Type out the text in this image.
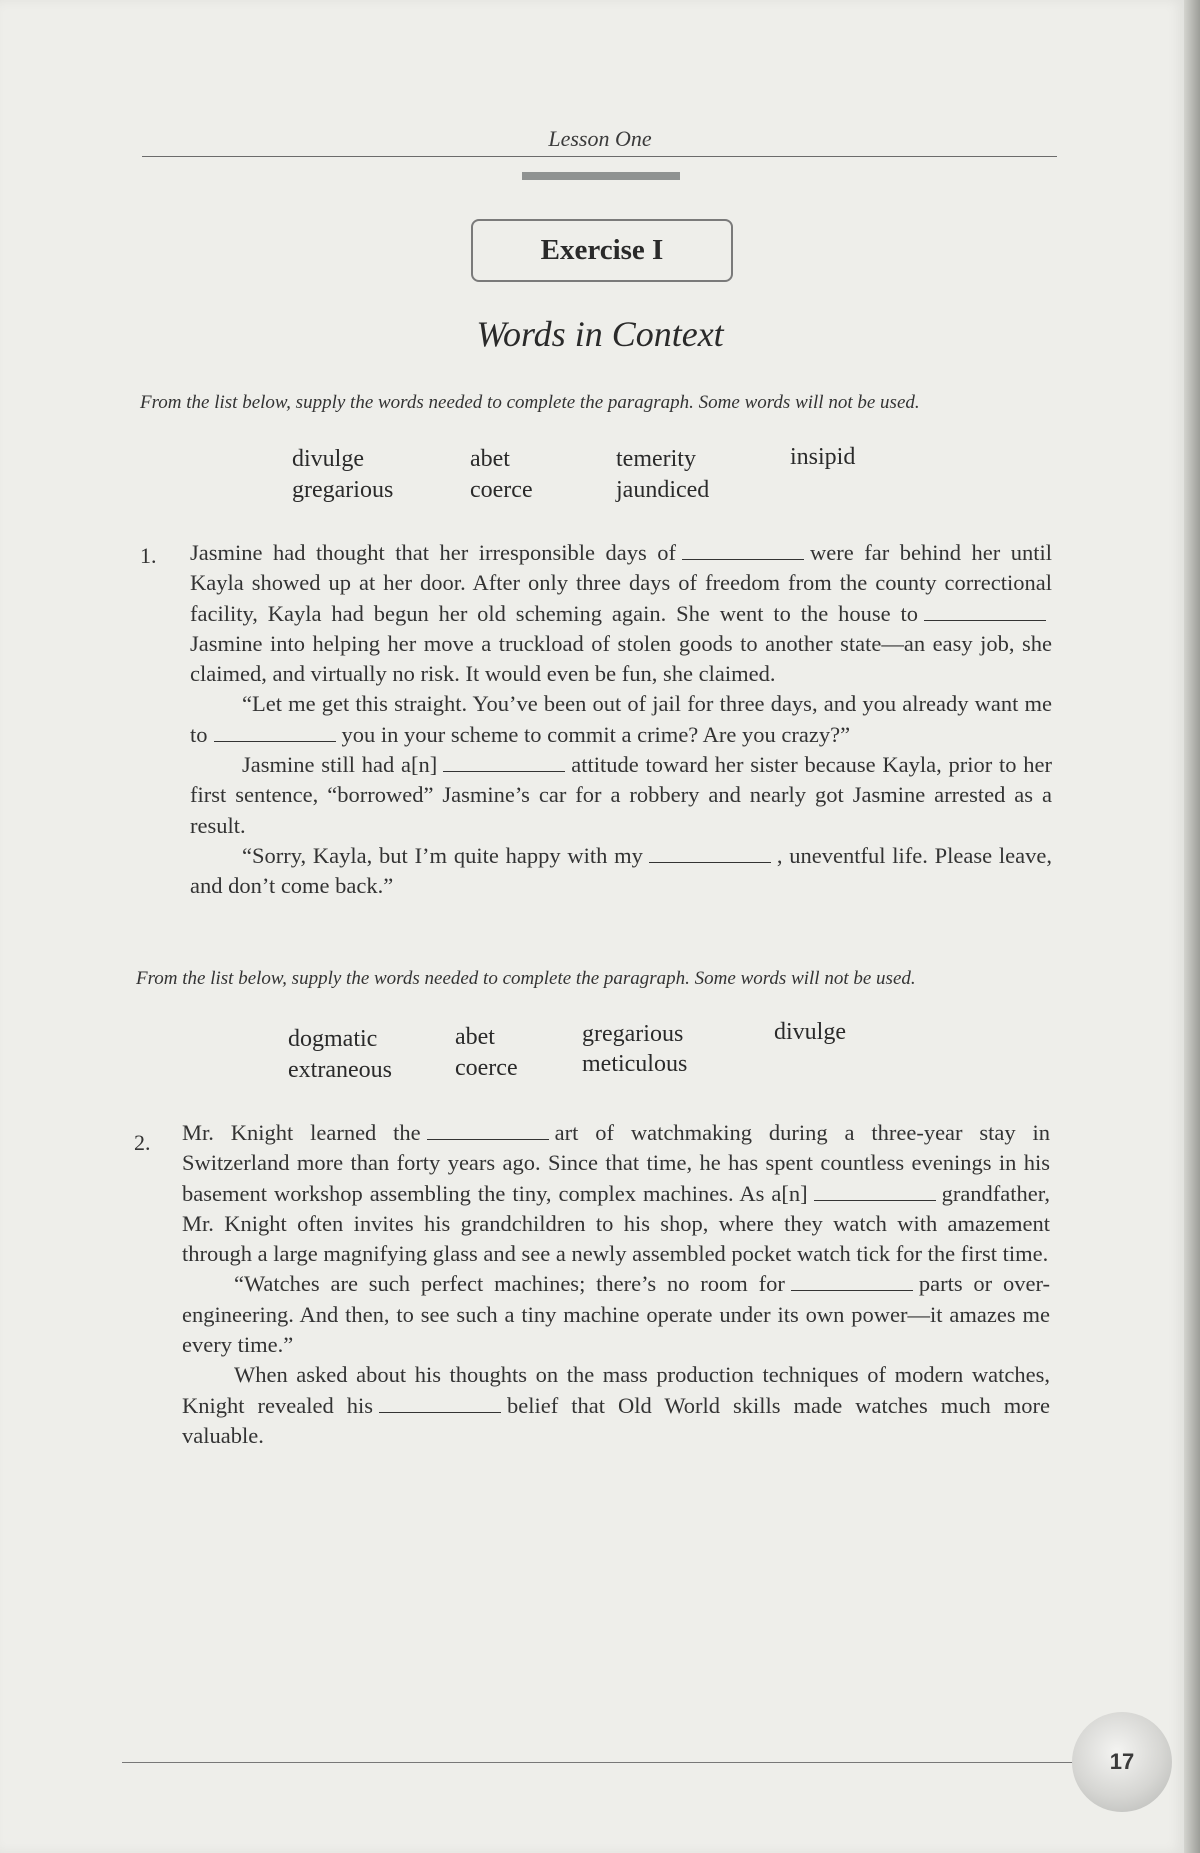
Lesson One
Exercise I
Words in Context
From the list below, supply the words needed to complete the paragraph. Some words will not be used.
divulge	abet	temerity	insipid
gregarious	coerce	jaundiced
1. Jasmine had thought that her irresponsible days of	were far behind her until Kayla showed up at her door. After only three days of freedom from the county correctional facility, Kayla had begun her old scheming again. She went to the house toJasmine into helping her move a truckload of stolen goods to another state—an easy job, she claimed, and virtually no risk. It would even be fun, she claimed.

“Let me get this straight. You’ve been out of jail for three days, and you already want me to	you in your scheme to commit a crime? Are you crazy?”

Jasmine still had a[n]	attitude toward her sister because Kayla, prior to her first sentence, “borrowed” Jasmine’s car for a robbery and nearly got Jasmine arrested as a result.

“Sorry, Kayla, but I’m quite happy with my	, uneventful life. Please leave, and don’t come back.”

From the list below, supply the words needed to complete the paragraph. Some words will not be used.
dogmatic	abet	gregarious	divulge
extraneous	coerce	meticulous
2. Mr. Knight learned the	art of watchmaking during a three-year stay in Switzerland more than forty years ago. Since that time, he has spent countless evenings in his basement workshop assembling the tiny, complex machines. As a[n]	grandfather, Mr. Knight often invites his grandchildren to his shop, where they watch with amazement through a large magnifying glass and see a newly assembled pocket watch tick for the first time.

“Watches are such perfect machines; there’s no room for	parts or over-engineering. And then, to see such a tiny machine operate under its own power—it amazes me every time.”

When asked about his thoughts on the mass production techniques of modern watches, Knight revealed his	belief that Old World skills made watches much more valuable.

17
